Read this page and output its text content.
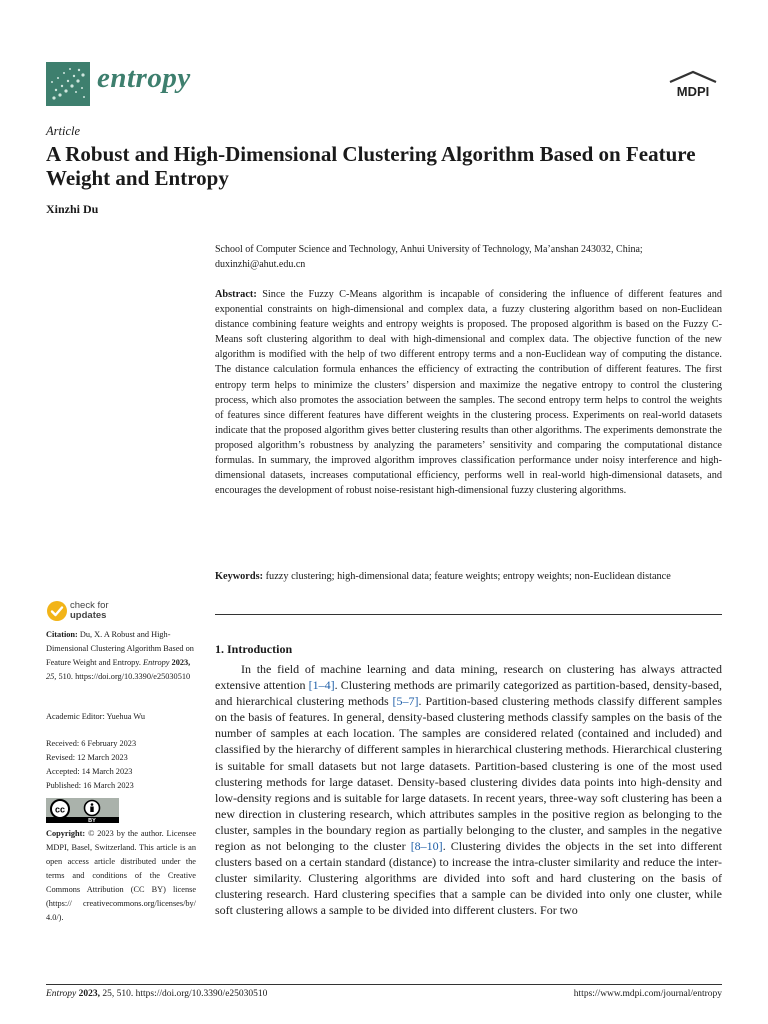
entropy	MDPI
Article
A Robust and High-Dimensional Clustering Algorithm Based on Feature Weight and Entropy
Xinzhi Du
School of Computer Science and Technology, Anhui University of Technology, Ma’anshan 243032, China; duxinzhi@ahut.edu.cn
Abstract: Since the Fuzzy C-Means algorithm is incapable of considering the influence of different features and exponential constraints on high-dimensional and complex data, a fuzzy clustering algorithm based on non-Euclidean distance combining feature weights and entropy weights is proposed. The proposed algorithm is based on the Fuzzy C-Means soft clustering algorithm to deal with high-dimensional and complex data. The objective function of the new algorithm is modified with the help of two different entropy terms and a non-Euclidean way of computing the distance. The distance calculation formula enhances the efficiency of extracting the contribution of different features. The first entropy term helps to minimize the clusters’ dispersion and maximize the negative entropy to control the clustering process, which also promotes the association between the samples. The second entropy term helps to control the weights of features since different features have different weights in the clustering process. Experiments on real-world datasets indicate that the proposed algorithm gives better clustering results than other algorithms. The experiments demonstrate the proposed algorithm’s robustness by analyzing the parameters’ sensitivity and comparing the computational distance formulas. In summary, the improved algorithm improves classification performance under noisy interference and high-dimensional datasets, increases computational efficiency, performs well in real-world high-dimensional datasets, and encourages the development of robust noise-resistant high-dimensional fuzzy clustering algorithms.
Keywords: fuzzy clustering; high-dimensional data; feature weights; entropy weights; non-Euclidean distance
check for
updates
Citation: Du, X. A Robust and High-Dimensional Clustering Algorithm Based on Feature Weight and Entropy. Entropy 2023, 25, 510. https://doi.org/10.3390/e25030510
Academic Editor: Yuehua Wu
Received: 6 February 2023
Revised: 12 March 2023
Accepted: 14 March 2023
Published: 16 March 2023
cc
BY
Copyright: © 2023 by the author. Licensee MDPI, Basel, Switzerland. This article is an open access article distributed under the terms and conditions of the Creative Commons Attribution (CC BY) license (https:// creativecommons.org/licenses/by/ 4.0/).
1. Introduction
In the field of machine learning and data mining, research on clustering has always attracted extensive attention [1–4]. Clustering methods are primarily categorized as partition-based, density-based, and hierarchical clustering methods [5–7]. Partition-based clustering methods classify different samples on the basis of features. In general, density-based clustering methods classify samples on the basis of the number of samples at each location. The samples are considered related (contained and included) and classified by the hierarchy of different samples in hierarchical clustering methods. Hierarchical clustering is suitable for small datasets but not large datasets. Partition-based clustering is one of the most used clustering methods for large dataset. Density-based clustering divides data points into high-density and low-density regions and is suitable for large datasets. In recent years, three-way soft clustering has been a new direction in clustering research, which attributes samples in the positive region as belonging to the cluster, samples in the boundary region as partially belonging to the cluster, and samples in the negative region as not belonging to the cluster [8–10]. Clustering divides the objects in the set into different clusters based on a certain standard (distance) to increase the intra-cluster similarity and reduce the inter-cluster similarity. Clustering algorithms are divided into soft and hard clustering on the basis of clustering research. Hard clustering specifies that a sample can be divided into only one cluster, while soft clustering allows a sample to be divided into different clusters. For two
Entropy 2023, 25, 510. https://doi.org/10.3390/e25030510	https://www.mdpi.com/journal/entropy
